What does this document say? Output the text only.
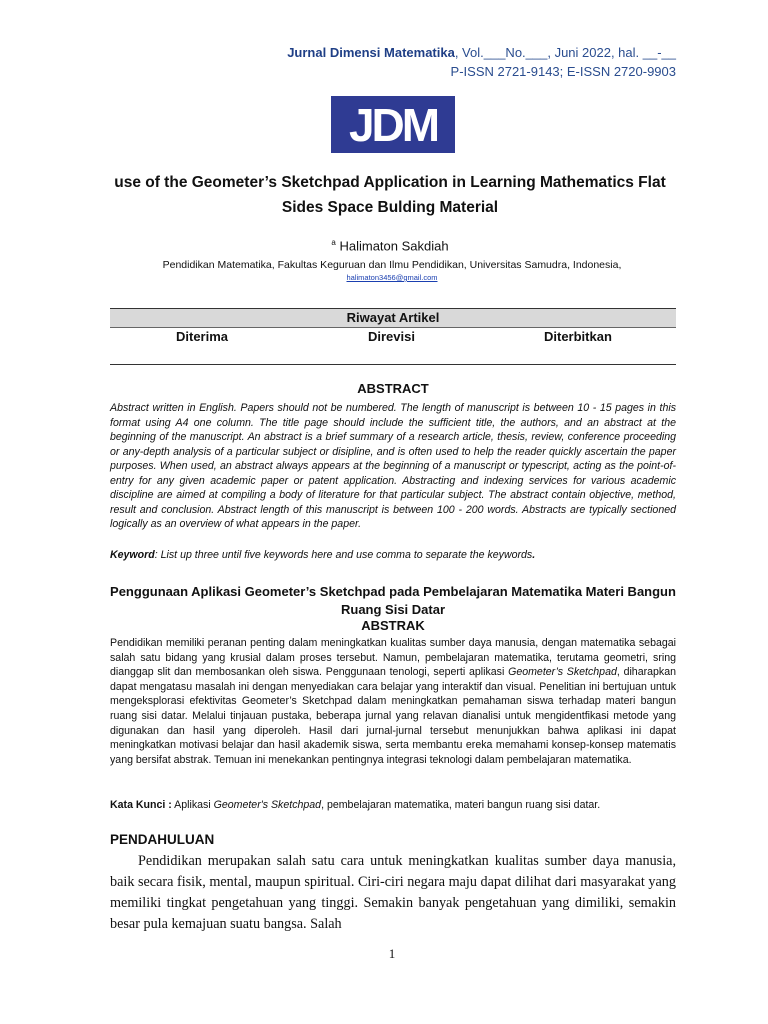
Jurnal Dimensi Matematika, Vol.___No.___, Juni 2022, hal. __-__
P-ISSN 2721-9143; E-ISSN 2720-9903
JDM
use of the Geometer’s Sketchpad Application in Learning Mathematics Flat Sides Space Bulding Material
$^a$ Halimaton Sakdiah
Pendidikan Matematika, Fakultas Keguruan dan Ilmu Pendidikan, Universitas Samudra, Indonesia,
halimaton3456@gmail.com
Riwayat Artikel
Diterima	Direvisi	Diterbitkan
ABSTRACT

Abstract written in English. Papers should not be numbered. The length of manuscript is between 10 - 15 pages in this format using A4 one column. The title page should include the sufficient title, the authors, and an abstract at the beginning of the manuscript. An abstract is a brief summary of a research article, thesis, review, conference proceeding or any-depth analysis of a particular subject or disipline, and is often used to help the reader quickly ascertain the paper purposes. When used, an abstract always appears at the beginning of a manuscript or typescript, acting as the point-of-entry for any given academic paper or patent application. Abstracting and indexing services for various academic discipline are aimed at compiling a body of literature for that particular subject. The abstract contain objective, method, result and conclusion. Abstract length of this manuscript is between 100 - 200 words. Abstracts are typically sectioned logically as an overview of what appears in the paper.

Keyword: List up three until five keywords here and use comma to separate the keywords.

Penggunaan Aplikasi Geometer’s Sketchpad pada Pembelajaran Matematika Materi Bangun Ruang Sisi Datar
ABSTRAK

Pendidikan memiliki peranan penting dalam meningkatkan kualitas sumber daya manusia, dengan matematika sebagai salah satu bidang yang krusial dalam proses tersebut. Namun, pembelajaran matematika, terutama geometri, sring dianggap slit dan membosankan oleh siswa. Penggunaan tenologi, seperti aplikasi Geometer’s Sketchpad, diharapkan dapat mengatasu masalah ini dengan menyediakan cara belajar yang interaktif dan visual. Penelitian ini bertujuan untuk mengeksplorasi efektivitas Geometer’s Sketchpad dalam meningkatkan pemahaman siswa terhadap materi bangun ruang sisi datar. Melalui tinjauan pustaka, beberapa jurnal yang relavan dianalisi untuk mengidentfikasi metode yang digunakan dan hasil yang diperoleh. Hasil dari jurnal-jurnal tersebut menunjukkan bahwa aplikasi ini dapat meningkatkan motivasi belajar dan hasil akademik siswa, serta membantu ereka memahami konsep-konsep matematis yang bersifat abstrak. Temuan ini menekankan pentingnya integrasi teknologi dalam pembelajaran matematika.

Kata Kunci : Aplikasi Geometer's Sketchpad, pembelajaran matematika, materi bangun ruang sisi datar.

PENDAHULUAN

Pendidikan merupakan salah satu cara untuk meningkatkan kualitas sumber daya manusia, baik secara fisik, mental, maupun spiritual. Ciri-ciri negara maju dapat dilihat dari masyarakat yang memiliki tingkat pengetahuan yang tinggi. Semakin banyak pengetahuan yang dimiliki, semakin besar pula kemajuan suatu bangsa. Salah

1
